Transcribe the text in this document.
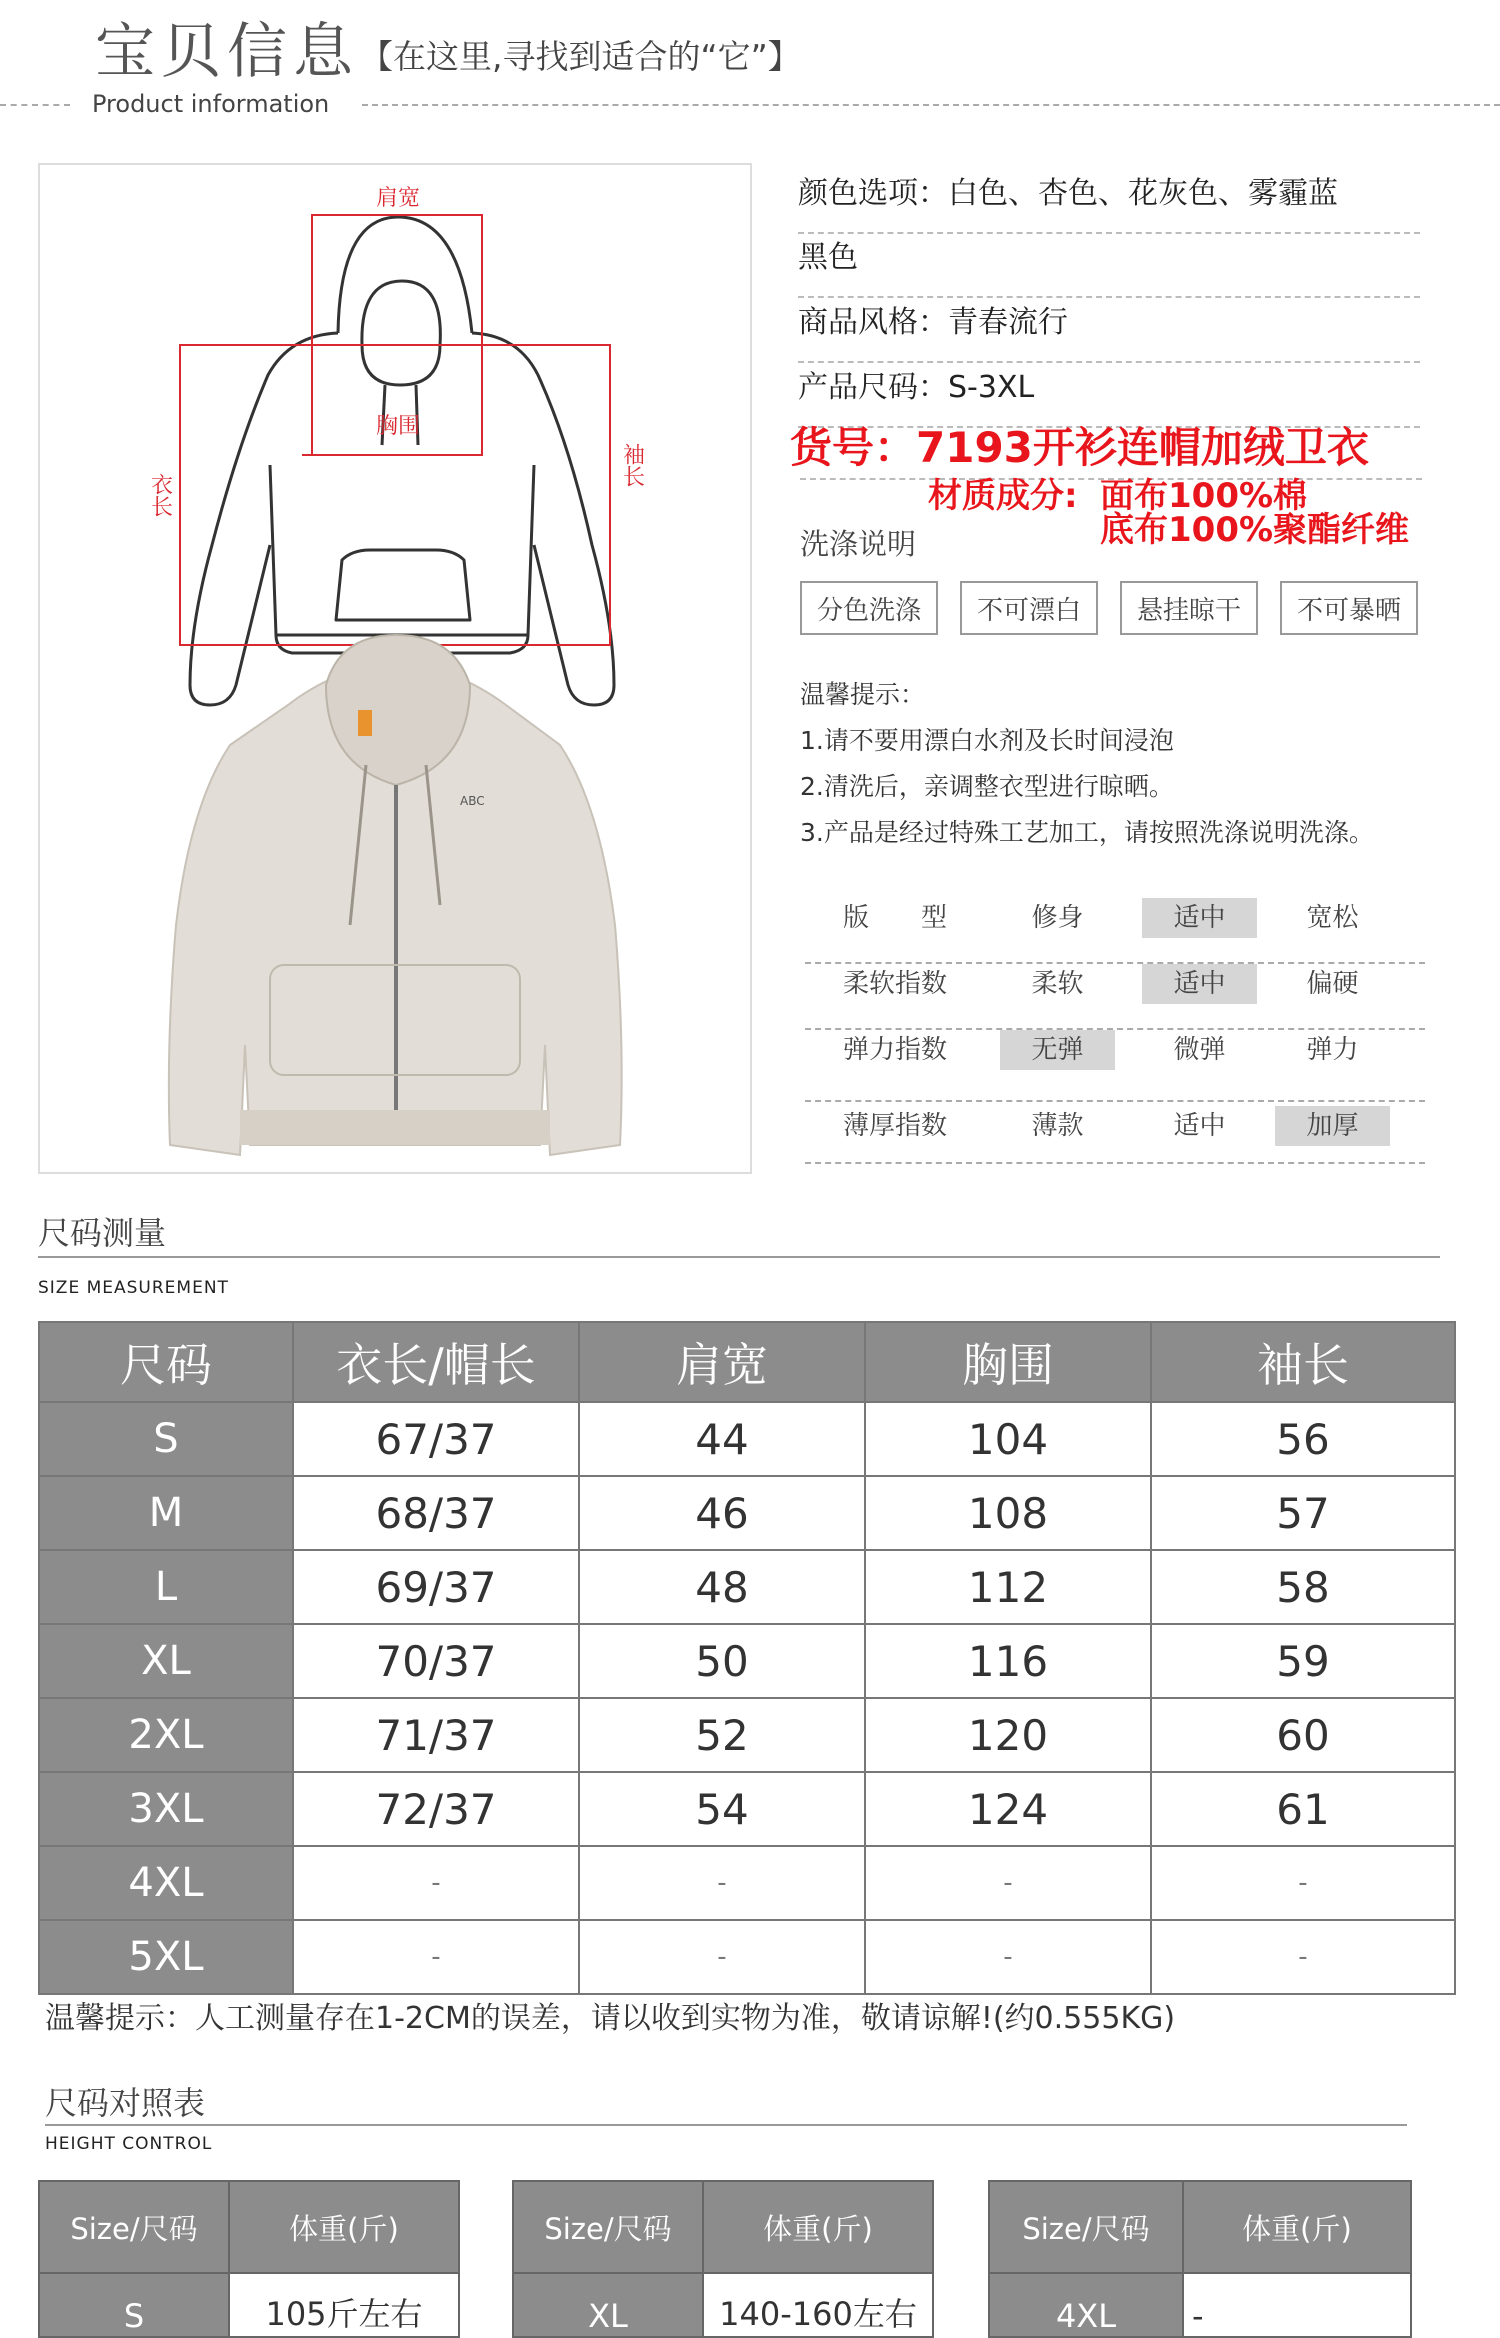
宝贝信息 【在这里,寻找到适合的“它”】
Product information
肩宽
胸围
衣长
袖长
ABC
颜色选项：白色、杏色、花灰色、雾霾蓝
黑色
商品风格：青春流行
产品尺码：S-3XL
货号：7193开衫连帽加绒卫衣
材质成分: 面布100%棉
底布100%聚酯纤维
洗涤说明
分色洗涤	不可漂白	悬挂晾干	不可暴晒
温馨提示：
1.请不要用漂白水剂及长时间浸泡
2.清洗后，亲调整衣型进行晾晒。
3.产品是经过特殊工艺加工，请按照洗涤说明洗涤。
版　　型	修身	适中	宽松
柔软指数	柔软	适中	偏硬
弹力指数	无弹	微弹	弹力
薄厚指数	薄款	适中	加厚
尺码测量
SIZE MEASUREMENT
尺码	衣长/帽长	肩宽	胸围	袖长
S	67/37	44	104	56
M	68/37	46	108	57
L	69/37	48	112	58
XL	70/37	50	116	59
2XL	71/37	52	120	60
3XL	72/37	54	124	61
4XL	-	-	-	-
5XL	-	-	-	-
温馨提示：人工测量存在1-2CM的误差，请以收到实物为准，敬请谅解!(约0.555KG)
尺码对照表
HEIGHT CONTROL
Size/尺码	体重(斤)
S	105斤左右
Size/尺码	体重(斤)
XL	140-160左右
Size/尺码	体重(斤)
4XL	-
